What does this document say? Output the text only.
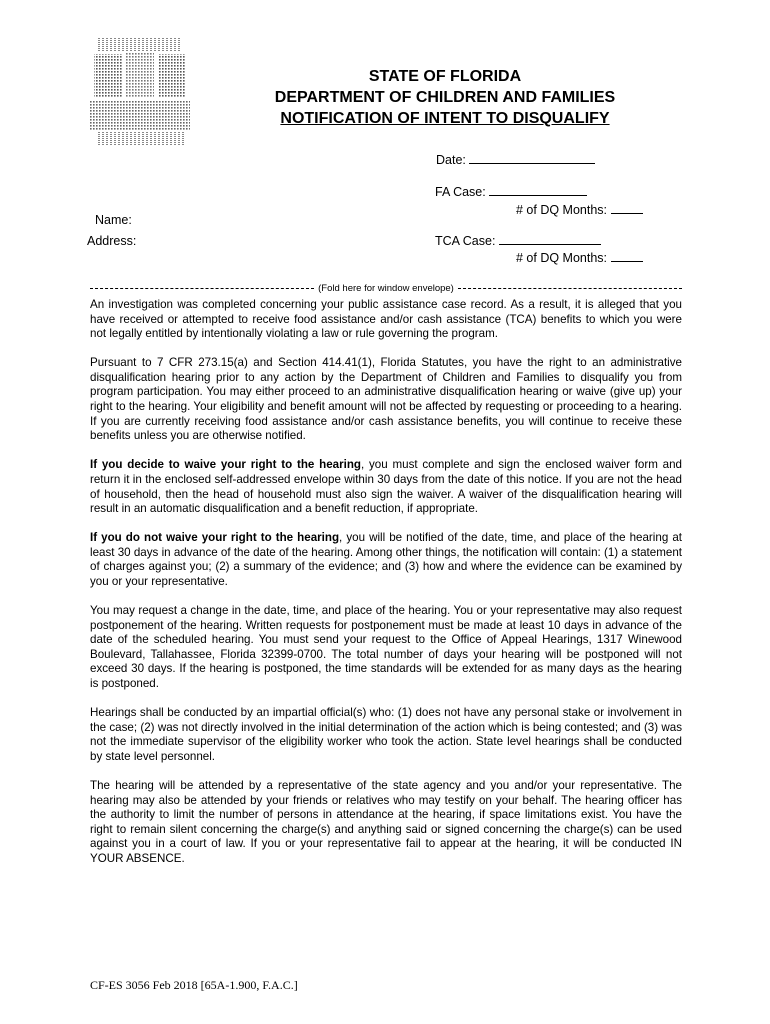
STATE OF FLORIDA
DEPARTMENT OF CHILDREN AND FAMILIES
NOTIFICATION OF INTENT TO DISQUALIFY
Date:
FA Case:
# of DQ Months:
Name:
Address:	TCA Case:
# of DQ Months:
(Fold here for window envelope)

An investigation was completed concerning your public assistance case record. As a result, it is alleged that you have received or attempted to receive food assistance and/or cash assistance (TCA) benefits to which you were not legally entitled by intentionally violating a law or rule governing the program.

Pursuant to 7 CFR 273.15(a) and Section 414.41(1), Florida Statutes, you have the right to an administrative disqualification hearing prior to any action by the Department of Children and Families to disqualify you from program participation. You may either proceed to an administrative disqualification hearing or waive (give up) your right to the hearing. Your eligibility and benefit amount will not be affected by requesting or proceeding to a hearing. If you are currently receiving food assistance and/or cash assistance benefits, you will continue to receive these benefits unless you are otherwise notified.

If you decide to waive your right to the hearing, you must complete and sign the enclosed waiver form and return it in the enclosed self-addressed envelope within 30 days from the date of this notice. If you are not the head of household, then the head of household must also sign the waiver. A waiver of the disqualification hearing will result in an automatic disqualification and a benefit reduction, if appropriate.

If you do not waive your right to the hearing, you will be notified of the date, time, and place of the hearing at least 30 days in advance of the date of the hearing. Among other things, the notification will contain: (1) a statement of charges against you; (2) a summary of the evidence; and (3) how and where the evidence can be examined by you or your representative.

You may request a change in the date, time, and place of the hearing. You or your representative may also request postponement of the hearing. Written requests for postponement must be made at least 10 days in advance of the date of the scheduled hearing. You must send your request to the Office of Appeal Hearings, 1317 Winewood Boulevard, Tallahassee, Florida 32399-0700. The total number of days your hearing will be postponed will not exceed 30 days. If the hearing is postponed, the time standards will be extended for as many days as the hearing is postponed.

Hearings shall be conducted by an impartial official(s) who: (1) does not have any personal stake or involvement in the case; (2) was not directly involved in the initial determination of the action which is being contested; and (3) was not the immediate supervisor of the eligibility worker who took the action. State level hearings shall be conducted by state level personnel.

The hearing will be attended by a representative of the state agency and you and/or your representative. The hearing may also be attended by your friends or relatives who may testify on your behalf. The hearing officer has the authority to limit the number of persons in attendance at the hearing, if space limitations exist. You have the right to remain silent concerning the charge(s) and anything said or signed concerning the charge(s) can be used against you in a court of law. If you or your representative fail to appear at the hearing, it will be conducted IN YOUR ABSENCE.

CF-ES 3056 Feb 2018 [65A-1.900, F.A.C.]
